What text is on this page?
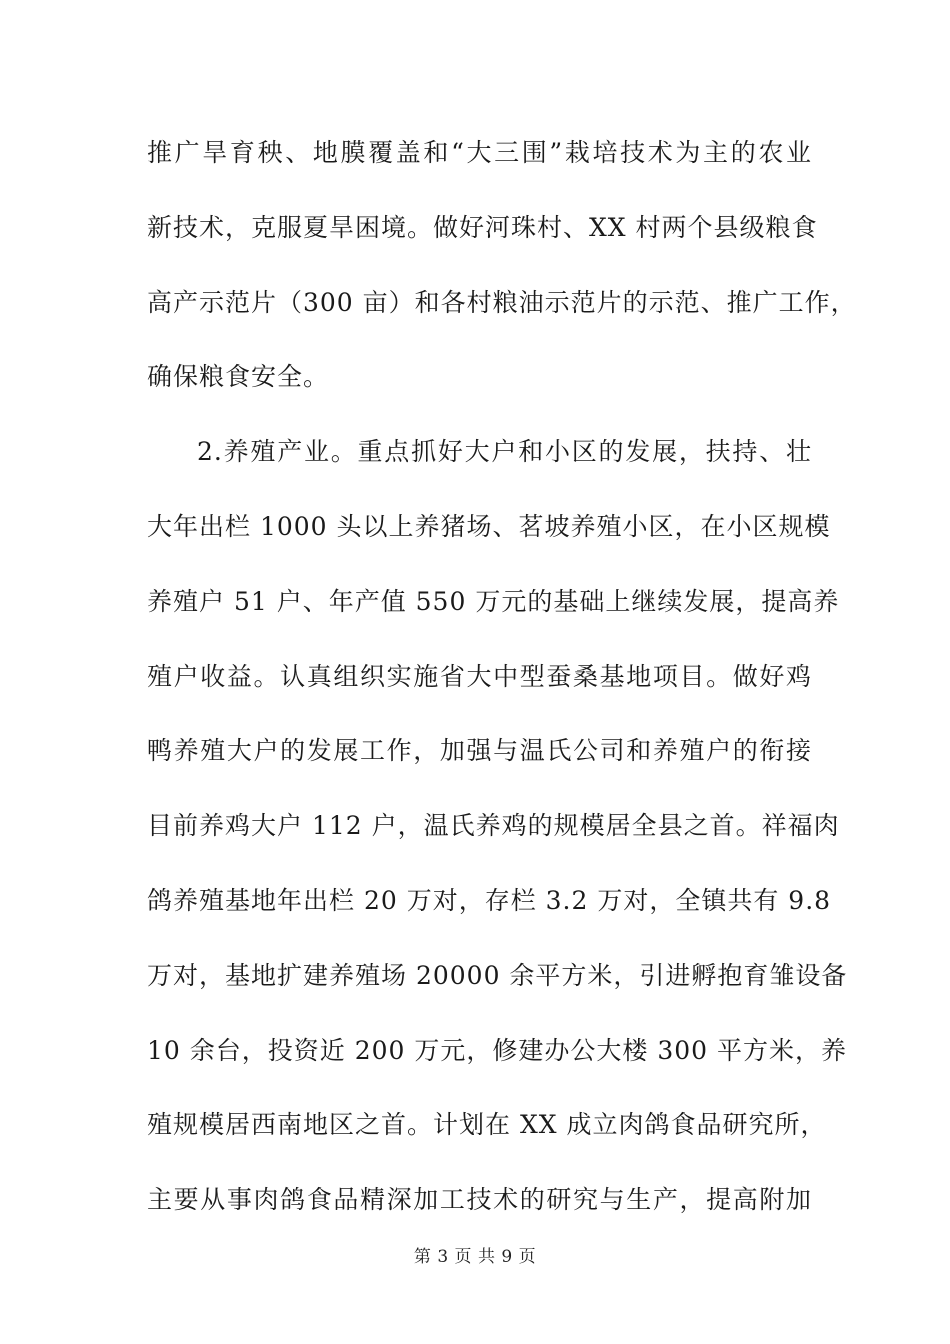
推广旱育秧、地膜覆盖和“大三围”栽培技术为主的农业
新技术，克服夏旱困境。做好河珠村、XX 村两个县级粮食
高产示范片（300 亩）和各村粮油示范片的示范、推广工作，
确保粮食安全。
2.养殖产业。重点抓好大户和小区的发展，扶持、壮
大年出栏 1000 头以上养猪场、茗坡养殖小区，在小区规模
养殖户 51 户、年产值 550 万元的基础上继续发展，提高养
殖户收益。认真组织实施省大中型蚕桑基地项目。做好鸡
鸭养殖大户的发展工作，加强与温氏公司和养殖户的衔接
目前养鸡大户 112 户，温氏养鸡的规模居全县之首。祥福肉
鸽养殖基地年出栏 20 万对，存栏 3.2 万对，全镇共有 9.8
万对，基地扩建养殖场 20000 余平方米，引进孵抱育雏设备
10 余台，投资近 200 万元，修建办公大楼 300 平方米，养
殖规模居西南地区之首。计划在 XX 成立肉鸽食品研究所，
主要从事肉鸽食品精深加工技术的研究与生产，提高附加
第 3 页 共 9 页
